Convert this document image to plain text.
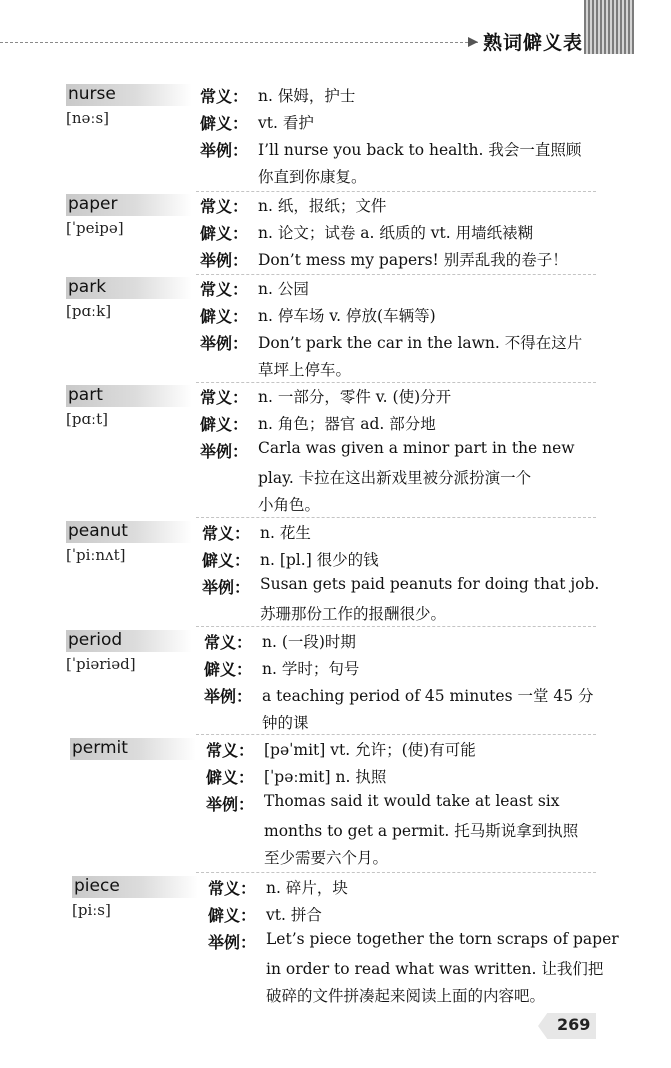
熟词僻义表
nurse
[nəːs]
常义： n. 保姆，护士
僻义： vt. 看护
举例： I’ll nurse you back to health. 我会一直照顾
你直到你康复。
paper
[ˈpeipə]
常义： n. 纸，报纸；文件
僻义： n. 论文；试卷 a. 纸质的 vt. 用墙纸裱糊
举例： Don’t mess my papers! 别弄乱我的卷子！
park
[pɑːk]
常义： n. 公园
僻义： n. 停车场 v. 停放(车辆等)
举例： Don’t park the car in the lawn. 不得在这片
草坪上停车。
part
[pɑːt]
常义： n. 一部分，零件 v. (使)分开
僻义： n. 角色；器官 ad. 部分地
举例： Carla was given a minor part in the new
play. 卡拉在这出新戏里被分派扮演一个
小角色。
peanut
[ˈpiːnʌt]
常义： n. 花生
僻义： n. [pl.] 很少的钱
举例： Susan gets paid peanuts for doing that job.
苏珊那份工作的报酬很少。
period
[ˈpiəriəd]
常义： n. (一段)时期
僻义： n. 学时；句号
举例： a teaching period of 45 minutes 一堂 45 分
钟的课
permit	常义： [pəˈmit] vt. 允许；(使)有可能
僻义： [ˈpəːmit] n. 执照
举例： Thomas said it would take at least six
months to get a permit. 托马斯说拿到执照
至少需要六个月。
piece
[piːs]
常义： n. 碎片，块
僻义： vt. 拼合
举例： Let’s piece together the torn scraps of paper
in order to read what was written. 让我们把
破碎的文件拼凑起来阅读上面的内容吧。
269
